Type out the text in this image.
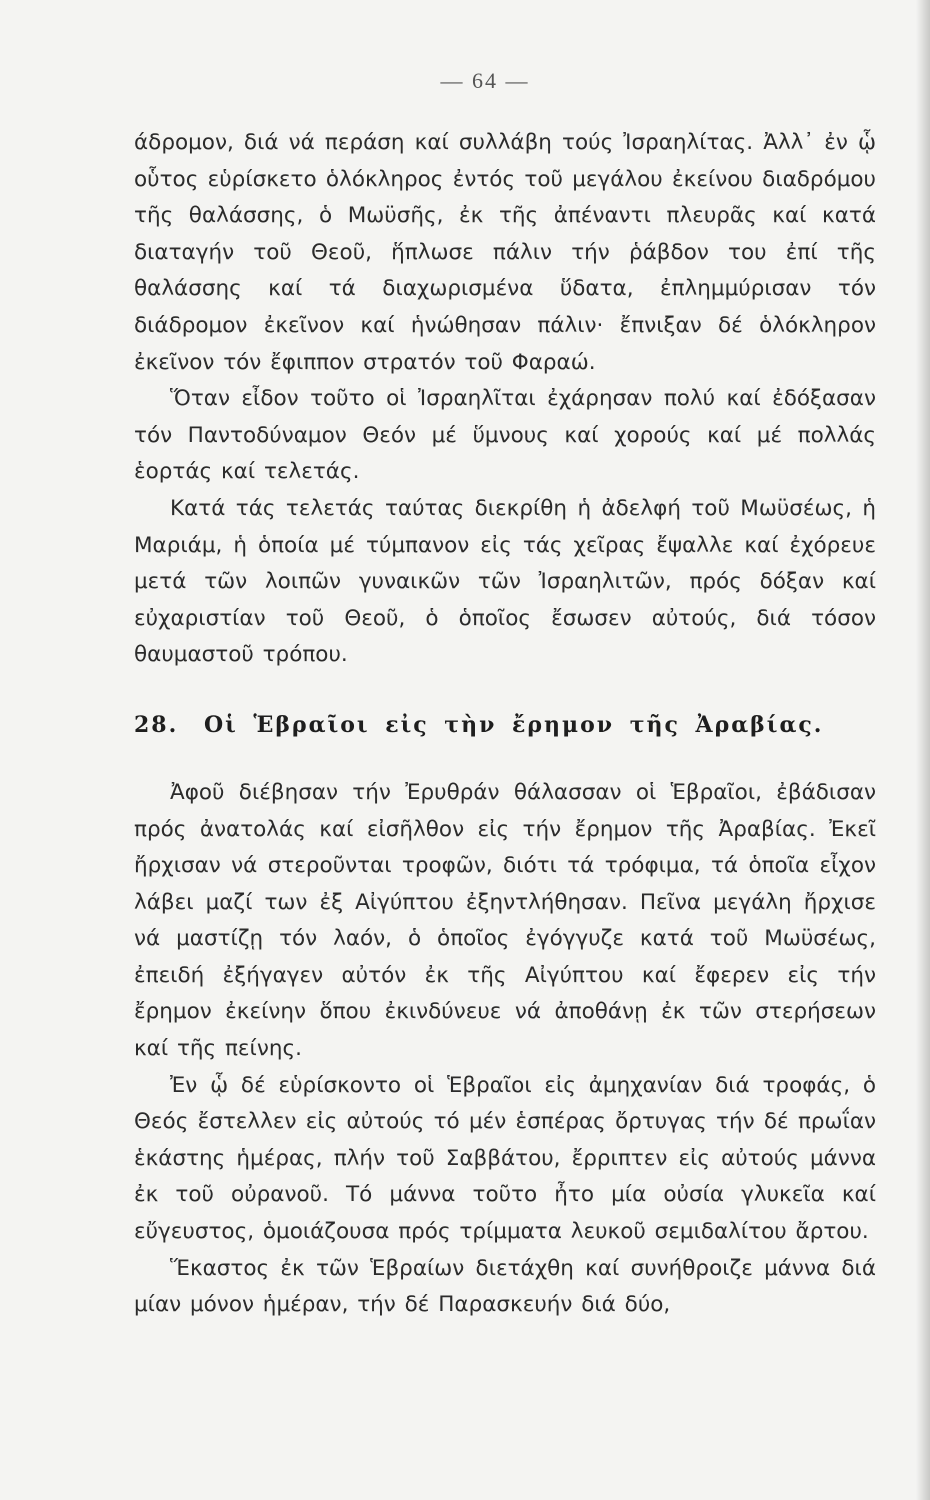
— 64 —

άδρομον, διά νά περάση καί συλλάβη τούς Ἰσραηλίτας. Ἀλλ᾿ ἐν ᾧ οὗτος εὑρίσκετο ὁλόκληρος ἐντός τοῦ μεγάλου ἐκείνου διαδρόμου τῆς θαλάσσης, ὁ Μωϋσῆς, ἐκ τῆς ἀπέναντι πλευρᾶς καί κατά διαταγήν τοῦ Θεοῦ, ἥπλωσε πάλιν τήν ῥάβδον του ἐπί τῆς θαλάσσης καί τά διαχωρισμένα ὕδατα, ἐπλημμύρισαν τόν διάδρομον ἐκεῖνον καί ἡνώθησαν πάλιν· ἔπνιξαν δέ ὁλόκληρον ἐκεῖνον τόν ἔφιππον στρατόν τοῦ Φαραώ.

Ὅταν εἶδον τοῦτο οἱ Ἰσραηλῖται ἐχάρησαν πολύ καί ἐδόξασαν τόν Παντοδύναμον Θεόν μέ ὕμνους καί χορούς καί μέ πολλάς ἑορτάς καί τελετάς.

Κατά τάς τελετάς ταύτας διεκρίθη ἡ ἀδελφή τοῦ Μωϋσέως, ἡ Μαριάμ, ἡ ὁποία μέ τύμπανον εἰς τάς χεῖρας ἔψαλλε καί ἐχόρευε μετά τῶν λοιπῶν γυναικῶν τῶν Ἰσραηλιτῶν, πρός δόξαν καί εὐχαριστίαν τοῦ Θεοῦ, ὁ ὁποῖος ἔσωσεν αὐτούς, διά τόσον θαυμαστοῦ τρόπου.

28. Οἱ Ἑβραῖοι εἰς τὴν ἔρημον τῆς Ἀραβίας.

Ἀφοῦ διέβησαν τήν Ἐρυθράν θάλασσαν οἱ Ἑβραῖοι, ἐβάδισαν πρός ἀνατολάς καί εἰσῆλθον εἰς τήν ἔρημον τῆς Ἀραβίας. Ἐκεῖ ἤρχισαν νά στεροῦνται τροφῶν, διότι τά τρόφιμα, τά ὁποῖα εἶχον λάβει μαζί των ἐξ Αἰγύπτου ἐξηντλήθησαν. Πεῖνα μεγάλη ἤρχισε νά μαστίζῃ τόν λαόν, ὁ ὁποῖος ἐγόγγυζε κατά τοῦ Μωϋσέως, ἐπειδή ἐξήγαγεν αὐτόν ἐκ τῆς Αἰγύπτου καί ἔφερεν εἰς τήν ἔρημον ἐκείνην ὅπου ἐκινδύνευε νά ἀποθάνῃ ἐκ τῶν στερήσεων καί τῆς πείνης.

Ἐν ᾧ δέ εὑρίσκοντο οἱ Ἑβραῖοι εἰς ἀμηχανίαν διά τροφάς, ὁ Θεός ἔστελλεν εἰς αὐτούς τό μέν ἑσπέρας ὄρτυγας τήν δέ πρωΐαν ἑκάστης ἡμέρας, πλήν τοῦ Σαββάτου, ἔρριπτεν εἰς αὐτούς μάννα ἐκ τοῦ οὐρανοῦ. Τό μάννα τοῦτο ἦτο μία οὐσία γλυκεῖα καί εὔγευστος, ὁμοιάζουσα πρός τρίμματα λευκοῦ σεμιδαλίτου ἄρτου.

Ἕκαστος ἐκ τῶν Ἑβραίων διετάχθη καί συνήθροιζε μάννα διά μίαν μόνον ἡμέραν, τήν δέ Παρασκευήν διά δύο,
